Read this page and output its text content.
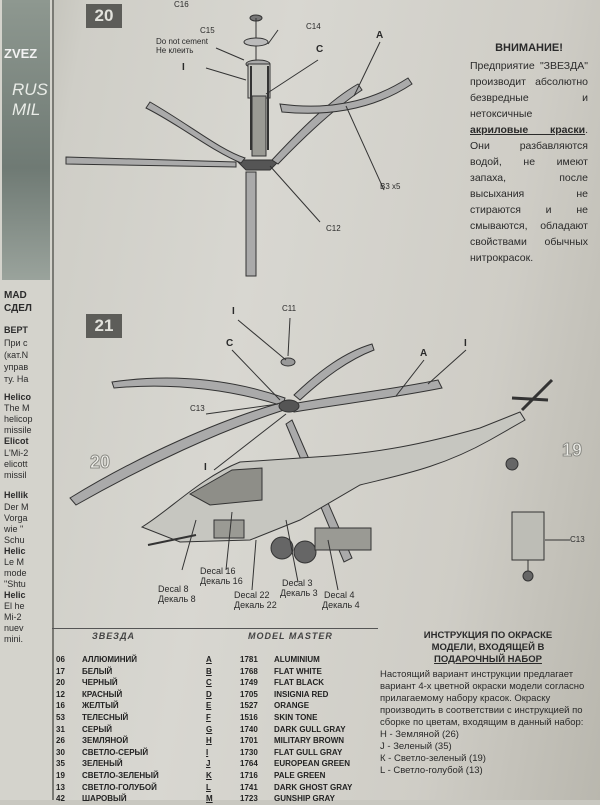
ZVEZ
RUS
MIL
MAD
СДЕЛ
ВЕРТ
При с
(кат.N
управ
ту. На
Helico
The M
helicop
missile
Elicot
L'Mi-2
elicott
missil
Hellik
Der M
Vorga
wie "
Schu
Helic
Le M
mode
"Shtu
Helic
El he
Mi-2
nuev
mini.
20
21
C16
C14
C15
Do not cement
Не клеить
I
C
A
B3 x5
C12
I	C11
C
A
I
C13
C13
I
20
19
Decal 8
Декаль 8
Decal 16
Декаль 16
Decal 22
Декаль 22
Decal 3
Декаль 3 Decal 4
Декаль 4
ВНИМАНИЕ!
Предприятие "ЗВЕЗДА" производит абсолютно безвредные и нетоксичные акриловые краски. Они разбавляются водой, не имеют запаха, после высыхания не стираются и не смываются, обладают свойствами обычных нитрокрасок.
ЗВЕЗДА	MODEL MASTER
06 АЛЛЮМИНИЙ	A	1781 ALUMINIUM
17 БЕЛЫЙ	B	1768 FLAT WHITE
20 ЧЕРНЫЙ	C	1749 FLAT BLACK
12 КРАСНЫЙ	D	1705 INSIGNIA RED
16 ЖЕЛТЫЙ	E	1527 ORANGE
53 ТЕЛЕСНЫЙ	F	1516 SKIN TONE
31 СЕРЫЙ	G	1740 DARK GULL GRAY
26 ЗЕМЛЯНОЙ	H	1701 MILITARY BROWN
30 СВЕТЛО-СЕРЫЙ	I	1730 FLAT GULL GRAY
35 ЗЕЛЕНЫЙ	J	1764 EUROPEAN GREEN
19 СВЕТЛО-ЗЕЛЕНЫЙ	K	1716 PALE GREEN
13 СВЕТЛО-ГОЛУБОЙ	L	1741 DARK GHOST GRAY
42 ШАРОВЫЙ	M	1723 GUNSHIP GRAY
ИНСТРУКЦИЯ ПО ОКРАСКЕ
МОДЕЛИ, ВХОДЯЩЕЙ В
ПОДАРОЧНЫЙ НАБОР
Настоящий вариант инструкции предлагает вариант 4-х цветной окраски модели согласно прилагаемому набору красок. Окраску производить в соответствии с инструкцией по сборке по цветам, входящим в данный набор:
Н - Земляной (26)
J - Зеленый (35)
К - Светло-зеленый (19)
L - Светло-голубой (13)
